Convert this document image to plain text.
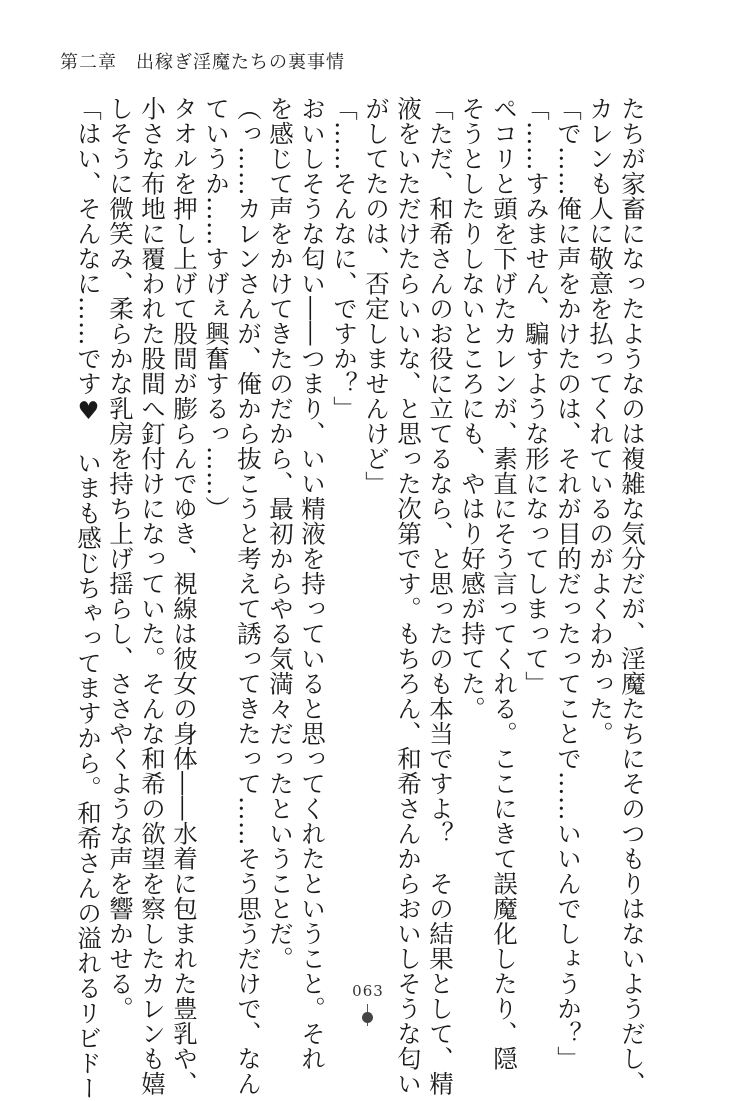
第二章　出稼ぎ淫魔たちの裏事情
たちが家畜になったようなのは複雑な気分だが、淫魔たちにそのつもりはないようだし、
カレンも人に敬意を払ってくれているのがよくわかった。
「で……俺に声をかけたのは、それが目的だったってことで……いいんでしょうか？」
「……すみません、騙すような形になってしまって」
ペコリと頭を下げたカレンが、素直にそう言ってくれる。ここにきて誤魔化したり、隠
そうとしたりしないところにも、やはり好感が持てた。
「ただ、和希さんのお役に立てるなら、と思ったのも本当ですよ？　その結果として、精
液をいただけたらいいな、と思った次第です。もちろん、和希さんからおいしそうな匂い
がしてたのは、否定しませんけど」
「……そんなに、ですか？」
おいしそうな匂い――つまり、いい精液を持っていると思ってくれたということ。それ
を感じて声をかけてきたのだから、最初からやる気満々だったということだ。
（っ……カレンさんが、俺から抜こうと考えて誘ってきたって……そう思うだけで、なん
ていうか……すげぇ興奮するっ……）
タオルを押し上げて股間が膨らんでゆき、視線は彼女の身体――水着に包まれた豊乳や、
小さな布地に覆われた股間へ釘付けになっていた。そんな和希の欲望を察したカレンも嬉
しそうに微笑み、柔らかな乳房を持ち上げ揺らし、ささやくような声を響かせる。
「はい、そんなに……です♥　いまも感じちゃってますから。和希さんの溢れるリビドー	063
